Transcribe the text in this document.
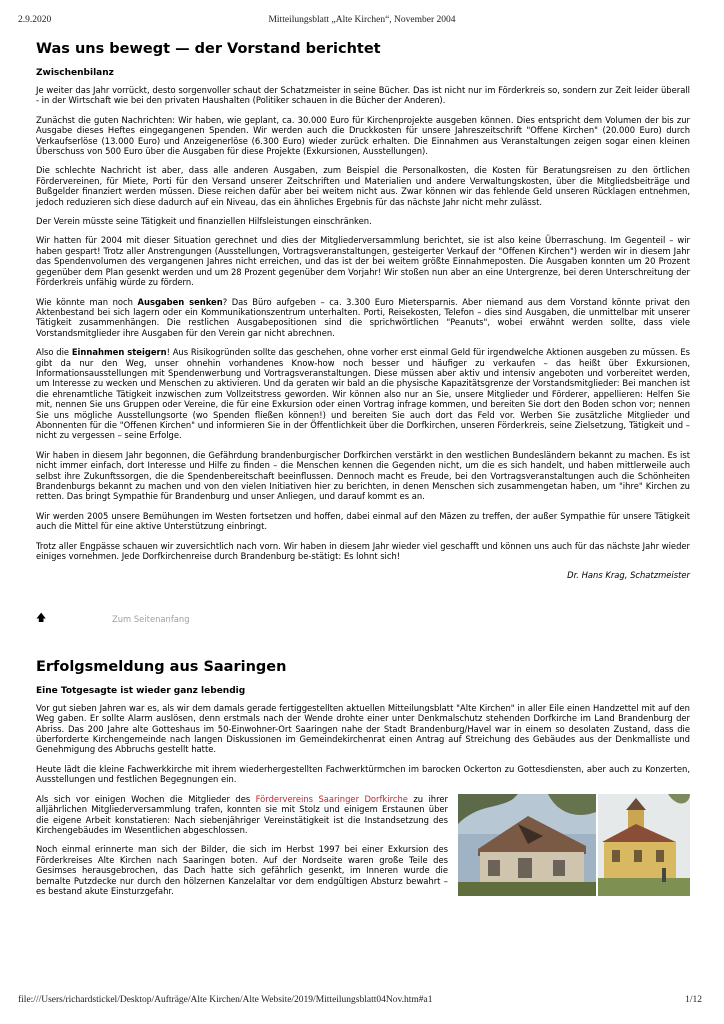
2.9.2020	Mitteilungsblatt „Alte Kirchen“, November 2004
Was uns bewegt — der Vorstand berichtet
Zwischenbilanz

Je weiter das Jahr vorrückt, desto sorgenvoller schaut der Schatzmeister in seine Bücher. Das ist nicht nur im Förderkreis so, sondern zur Zeit leider überall - in der Wirtschaft wie bei den privaten Haushalten (Politiker schauen in die Bücher der Anderen).

Zunächst die guten Nachrichten: Wir haben, wie geplant, ca. 30.000 Euro für Kirchenprojekte ausgeben können. Dies entspricht dem Volumen der bis zur Ausgabe dieses Heftes eingegangenen Spenden. Wir werden auch die Druckkosten für unsere Jahreszeitschrift "Offene Kirchen" (20.000 Euro) durch Verkaufserlöse (13.000 Euro) und Anzeigenerlöse (6.300 Euro) wieder zurück erhalten. Die Einnahmen aus Veranstaltungen zeigen sogar einen kleinen Überschuss von 500 Euro über die Ausgaben für diese Projekte (Exkursionen, Ausstellungen).

Die schlechte Nachricht ist aber, dass alle anderen Ausgaben, zum Beispiel die Personalkosten, die Kosten für Beratungsreisen zu den örtlichen Fördervereinen, für Miete, Porti für den Versand unserer Zeitschriften und Materialien und andere Verwaltungskosten, über die Mitgliedsbeiträge und Bußgelder finanziert werden müssen. Diese reichen dafür aber bei weitem nicht aus. Zwar können wir das fehlende Geld unseren Rücklagen entnehmen, jedoch reduzieren sich diese dadurch auf ein Niveau, das ein ähnliches Ergebnis für das nächste Jahr nicht mehr zulässt.

Der Verein müsste seine Tätigkeit und finanziellen Hilfsleistungen einschränken.

Wir hatten für 2004 mit dieser Situation gerechnet und dies der Mitgliederversammlung berichtet, sie ist also keine Überraschung. Im Gegenteil – wir haben gespart! Trotz aller Anstrengungen (Ausstellungen, Vortragsveranstaltungen, gesteigerter Verkauf der "Offenen Kirchen") werden wir in diesem Jahr das Spendenvolumen des vergangenen Jahres nicht erreichen, und das ist der bei weitem größte Einnahmeposten. Die Ausgaben konnten um 20 Prozent gegenüber dem Plan gesenkt werden und um 28 Prozent gegenüber dem Vorjahr! Wir stoßen nun aber an eine Untergrenze, bei deren Unterschreitung der Förderkreis unfähig würde zu fördern.

Wie könnte man noch Ausgaben senken? Das Büro aufgeben – ca. 3.300 Euro Mietersparnis. Aber niemand aus dem Vorstand könnte privat den Aktenbestand bei sich lagern oder ein Kommunikationszentrum unterhalten. Porti, Reisekosten, Telefon – dies sind Ausgaben, die unmittelbar mit unserer Tätigkeit zusammenhängen. Die restlichen Ausgabepositionen sind die sprichwörtlichen "Peanuts", wobei erwähnt werden sollte, dass viele Vorstandsmitglieder ihre Ausgaben für den Verein gar nicht abrechnen.

Also die Einnahmen steigern! Aus Risikogründen sollte das geschehen, ohne vorher erst einmal Geld für irgendwelche Aktionen ausgeben zu müssen. Es gibt da nur den Weg, unser ohnehin vorhandenes Know-how noch besser und häufiger zu verkaufen – das heißt über Exkursionen, Informationsausstellungen mit Spendenwerbung und Vortragsveranstaltungen. Diese müssen aber aktiv und intensiv angeboten und vorbereitet werden, um Interesse zu wecken und Menschen zu aktivieren. Und da geraten wir bald an die physische Kapazitätsgrenze der Vorstandsmitglieder: Bei manchen ist die ehrenamtliche Tätigkeit inzwischen zum Vollzeitstress geworden. Wir können also nur an Sie, unsere Mitglieder und Förderer, appellieren: Helfen Sie mit, nennen Sie uns Gruppen oder Vereine, die für eine Exkursion oder einen Vortrag infrage kommen, und bereiten Sie dort den Boden schon vor; nennen Sie uns mögliche Ausstellungsorte (wo Spenden fließen können!) und bereiten Sie auch dort das Feld vor. Werben Sie zusätzliche Mitglieder und Abonnenten für die "Offenen Kirchen" und informieren Sie in der Öffentlichkeit über die Dorfkirchen, unseren Förderkreis, seine Zielsetzung, Tätigkeit und – nicht zu vergessen – seine Erfolge.

Wir haben in diesem Jahr begonnen, die Gefährdung brandenburgischer Dorfkirchen verstärkt in den westlichen Bundesländern bekannt zu machen. Es ist nicht immer einfach, dort Interesse und Hilfe zu finden – die Menschen kennen die Gegenden nicht, um die es sich handelt, und haben mittlerweile auch selbst ihre Zukunftssorgen, die die Spendenbereitschaft beeinflussen. Dennoch macht es Freude, bei den Vortragsveranstaltungen auch die Schönheiten Brandenburgs bekannt zu machen und von den vielen Initiativen hier zu berichten, in denen Menschen sich zusammengetan haben, um "ihre" Kirchen zu retten. Das bringt Sympathie für Brandenburg und unser Anliegen, und darauf kommt es an.

Wir werden 2005 unsere Bemühungen im Westen fortsetzen und hoffen, dabei einmal auf den Mäzen zu treffen, der außer Sympathie für unsere Tätigkeit auch die Mittel für eine aktive Unterstützung einbringt.

Trotz aller Engpässe schauen wir zuversichtlich nach vorn. Wir haben in diesem Jahr wieder viel geschafft und können uns auch für das nächste Jahr wieder einiges vornehmen. Jede Dorfkirchenreise durch Brandenburg be-stätigt: Es lohnt sich!

Dr. Hans Krag, Schatzmeister
🡅	Zum Seitenanfang
Erfolgsmeldung aus Saaringen
Eine Totgesagte ist wieder ganz lebendig

Vor gut sieben Jahren war es, als wir dem damals gerade fertiggestellten aktuellen Mitteilungsblatt "Alte Kirchen" in aller Eile einen Handzettel mit auf den Weg gaben. Er sollte Alarm auslösen, denn erstmals nach der Wende drohte einer unter Denkmalschutz stehenden Dorfkirche im Land Brandenburg der Abriss. Das 200 Jahre alte Gotteshaus im 50-Einwohner-Ort Saaringen nahe der Stadt Brandenburg/Havel war in einem so desolaten Zustand, dass die überforderte Kirchengemeinde nach langen Diskussionen im Gemeindekirchenrat einen Antrag auf Streichung des Gebäudes aus der Denkmalliste und Genehmigung des Abbruchs gestellt hatte.

Heute lädt die kleine Fachwerkkirche mit ihrem wiederhergestellten Fachwerktürmchen im barocken Ockerton zu Gottesdiensten, aber auch zu Konzerten, Ausstellungen und festlichen Begegnungen ein.

Als sich vor einigen Wochen die Mitglieder des Fördervereins Saaringer Dorfkirche zu ihrer alljährlichen Mitgliederversammlung trafen, konnten sie mit Stolz und einigem Erstaunen über die eigene Arbeit konstatieren: Nach siebenjähriger Vereinstätigkeit ist die Instandsetzung des Kirchengebäudes im Wesentlichen abgeschlossen.

Noch einmal erinnerte man sich der Bilder, die sich im Herbst 1997 bei einer Exkursion des Förderkreises Alte Kirchen nach Saaringen boten. Auf der Nordseite waren große Teile des Gesimses herausgebrochen, das Dach hatte sich gefährlich gesenkt, im Inneren wurde die bemalte Putzdecke nur durch den hölzernen Kanzelaltar vor dem endgültigen Absturz bewahrt – es bestand akute Einsturzgefahr.

file:///Users/richardstickel/Desktop/Aufträge/Alte Kirchen/Alte Website/2019/Mitteilungsblatt04Nov.htm#a1	1/12
